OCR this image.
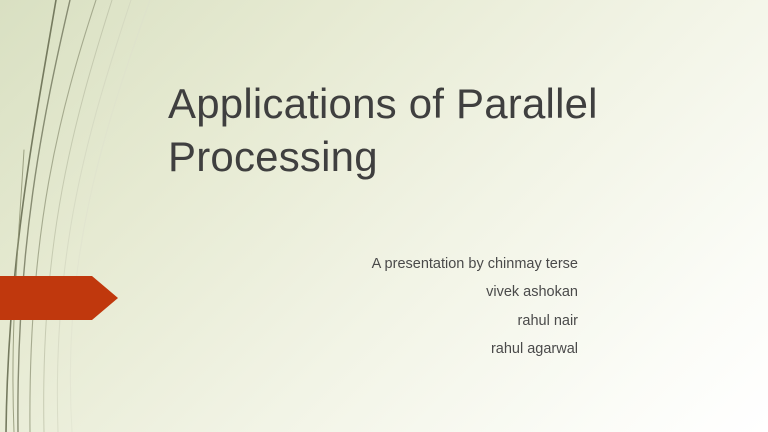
Applications of Parallel Processing
A presentation by chinmay terse
vivek ashokan
rahul nair
rahul agarwal
